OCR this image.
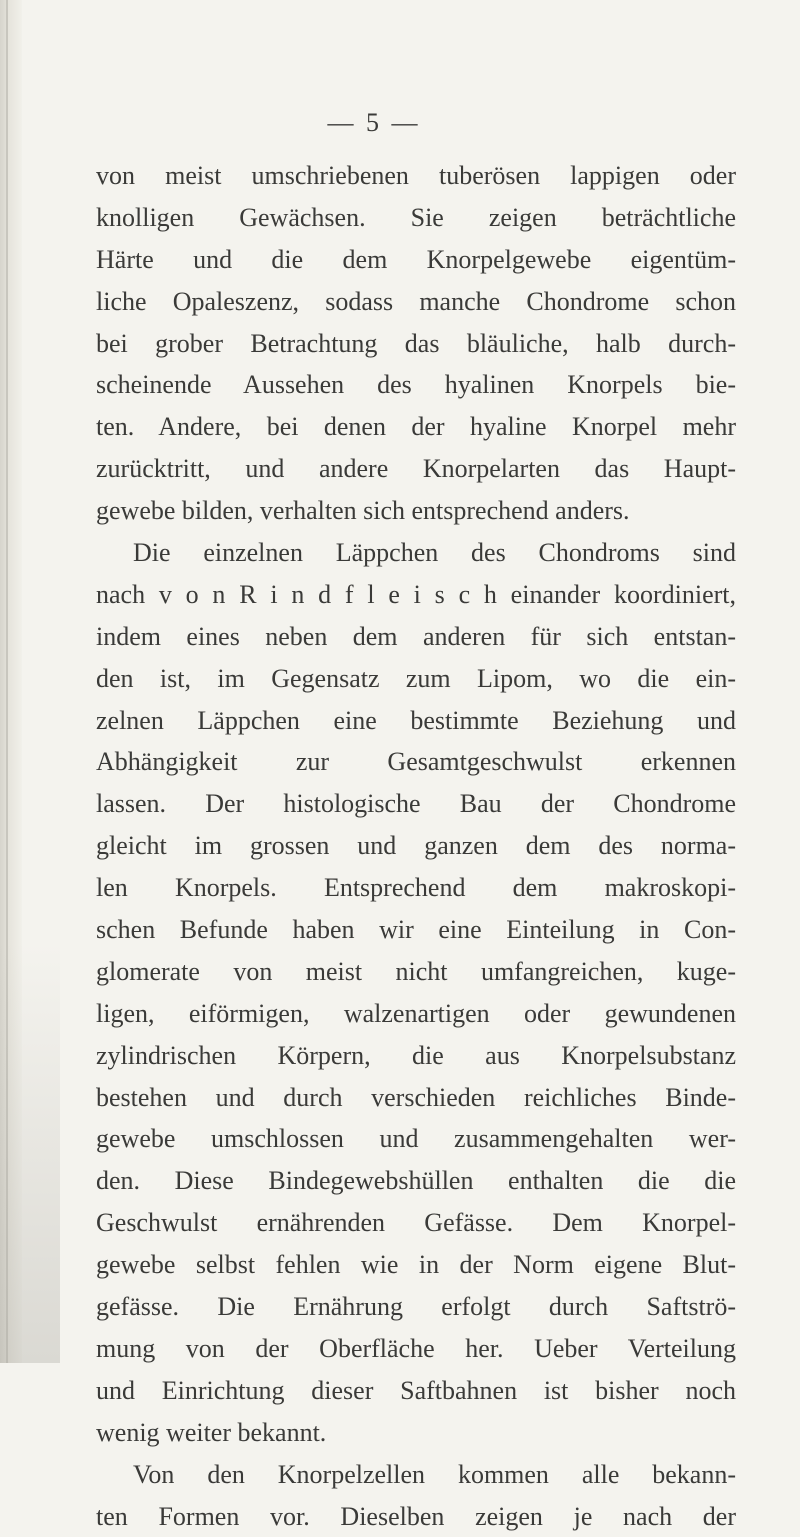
— 5 —
von meist umschriebenen tuberösen lappigen oder
knolligen Gewächsen. Sie zeigen beträchtliche
Härte und die dem Knorpelgewebe eigentüm-
liche Opaleszenz, sodass manche Chondrome schon
bei grober Betrachtung das bläuliche, halb durch-
scheinende Aussehen des hyalinen Knorpels bie-
ten. Andere, bei denen der hyaline Knorpel mehr
zurücktritt, und andere Knorpelarten das Haupt-
gewebe bilden, verhalten sich entsprechend anders.
Die einzelnen Läppchen des Chondroms sind
nach v o n R i n d f l e i s c h einander koordiniert,
indem eines neben dem anderen für sich entstan-
den ist, im Gegensatz zum Lipom, wo die ein-
zelnen Läppchen eine bestimmte Beziehung und
Abhängigkeit zur Gesamtgeschwulst erkennen
lassen. Der histologische Bau der Chondrome
gleicht im grossen und ganzen dem des norma-
len Knorpels. Entsprechend dem makroskopi-
schen Befunde haben wir eine Einteilung in Con-
glomerate von meist nicht umfangreichen, kuge-
ligen, eiförmigen, walzenartigen oder gewundenen
zylindrischen Körpern, die aus Knorpelsubstanz
bestehen und durch verschieden reichliches Binde-
gewebe umschlossen und zusammengehalten wer-
den. Diese Bindegewebshüllen enthalten die die
Geschwulst ernährenden Gefässe. Dem Knorpel-
gewebe selbst fehlen wie in der Norm eigene Blut-
gefässe. Die Ernährung erfolgt durch Saftströ-
mung von der Oberfläche her. Ueber Verteilung
und Einrichtung dieser Saftbahnen ist bisher noch
wenig weiter bekannt.
Von den Knorpelzellen kommen alle bekann-
ten Formen vor. Dieselben zeigen je nach der
